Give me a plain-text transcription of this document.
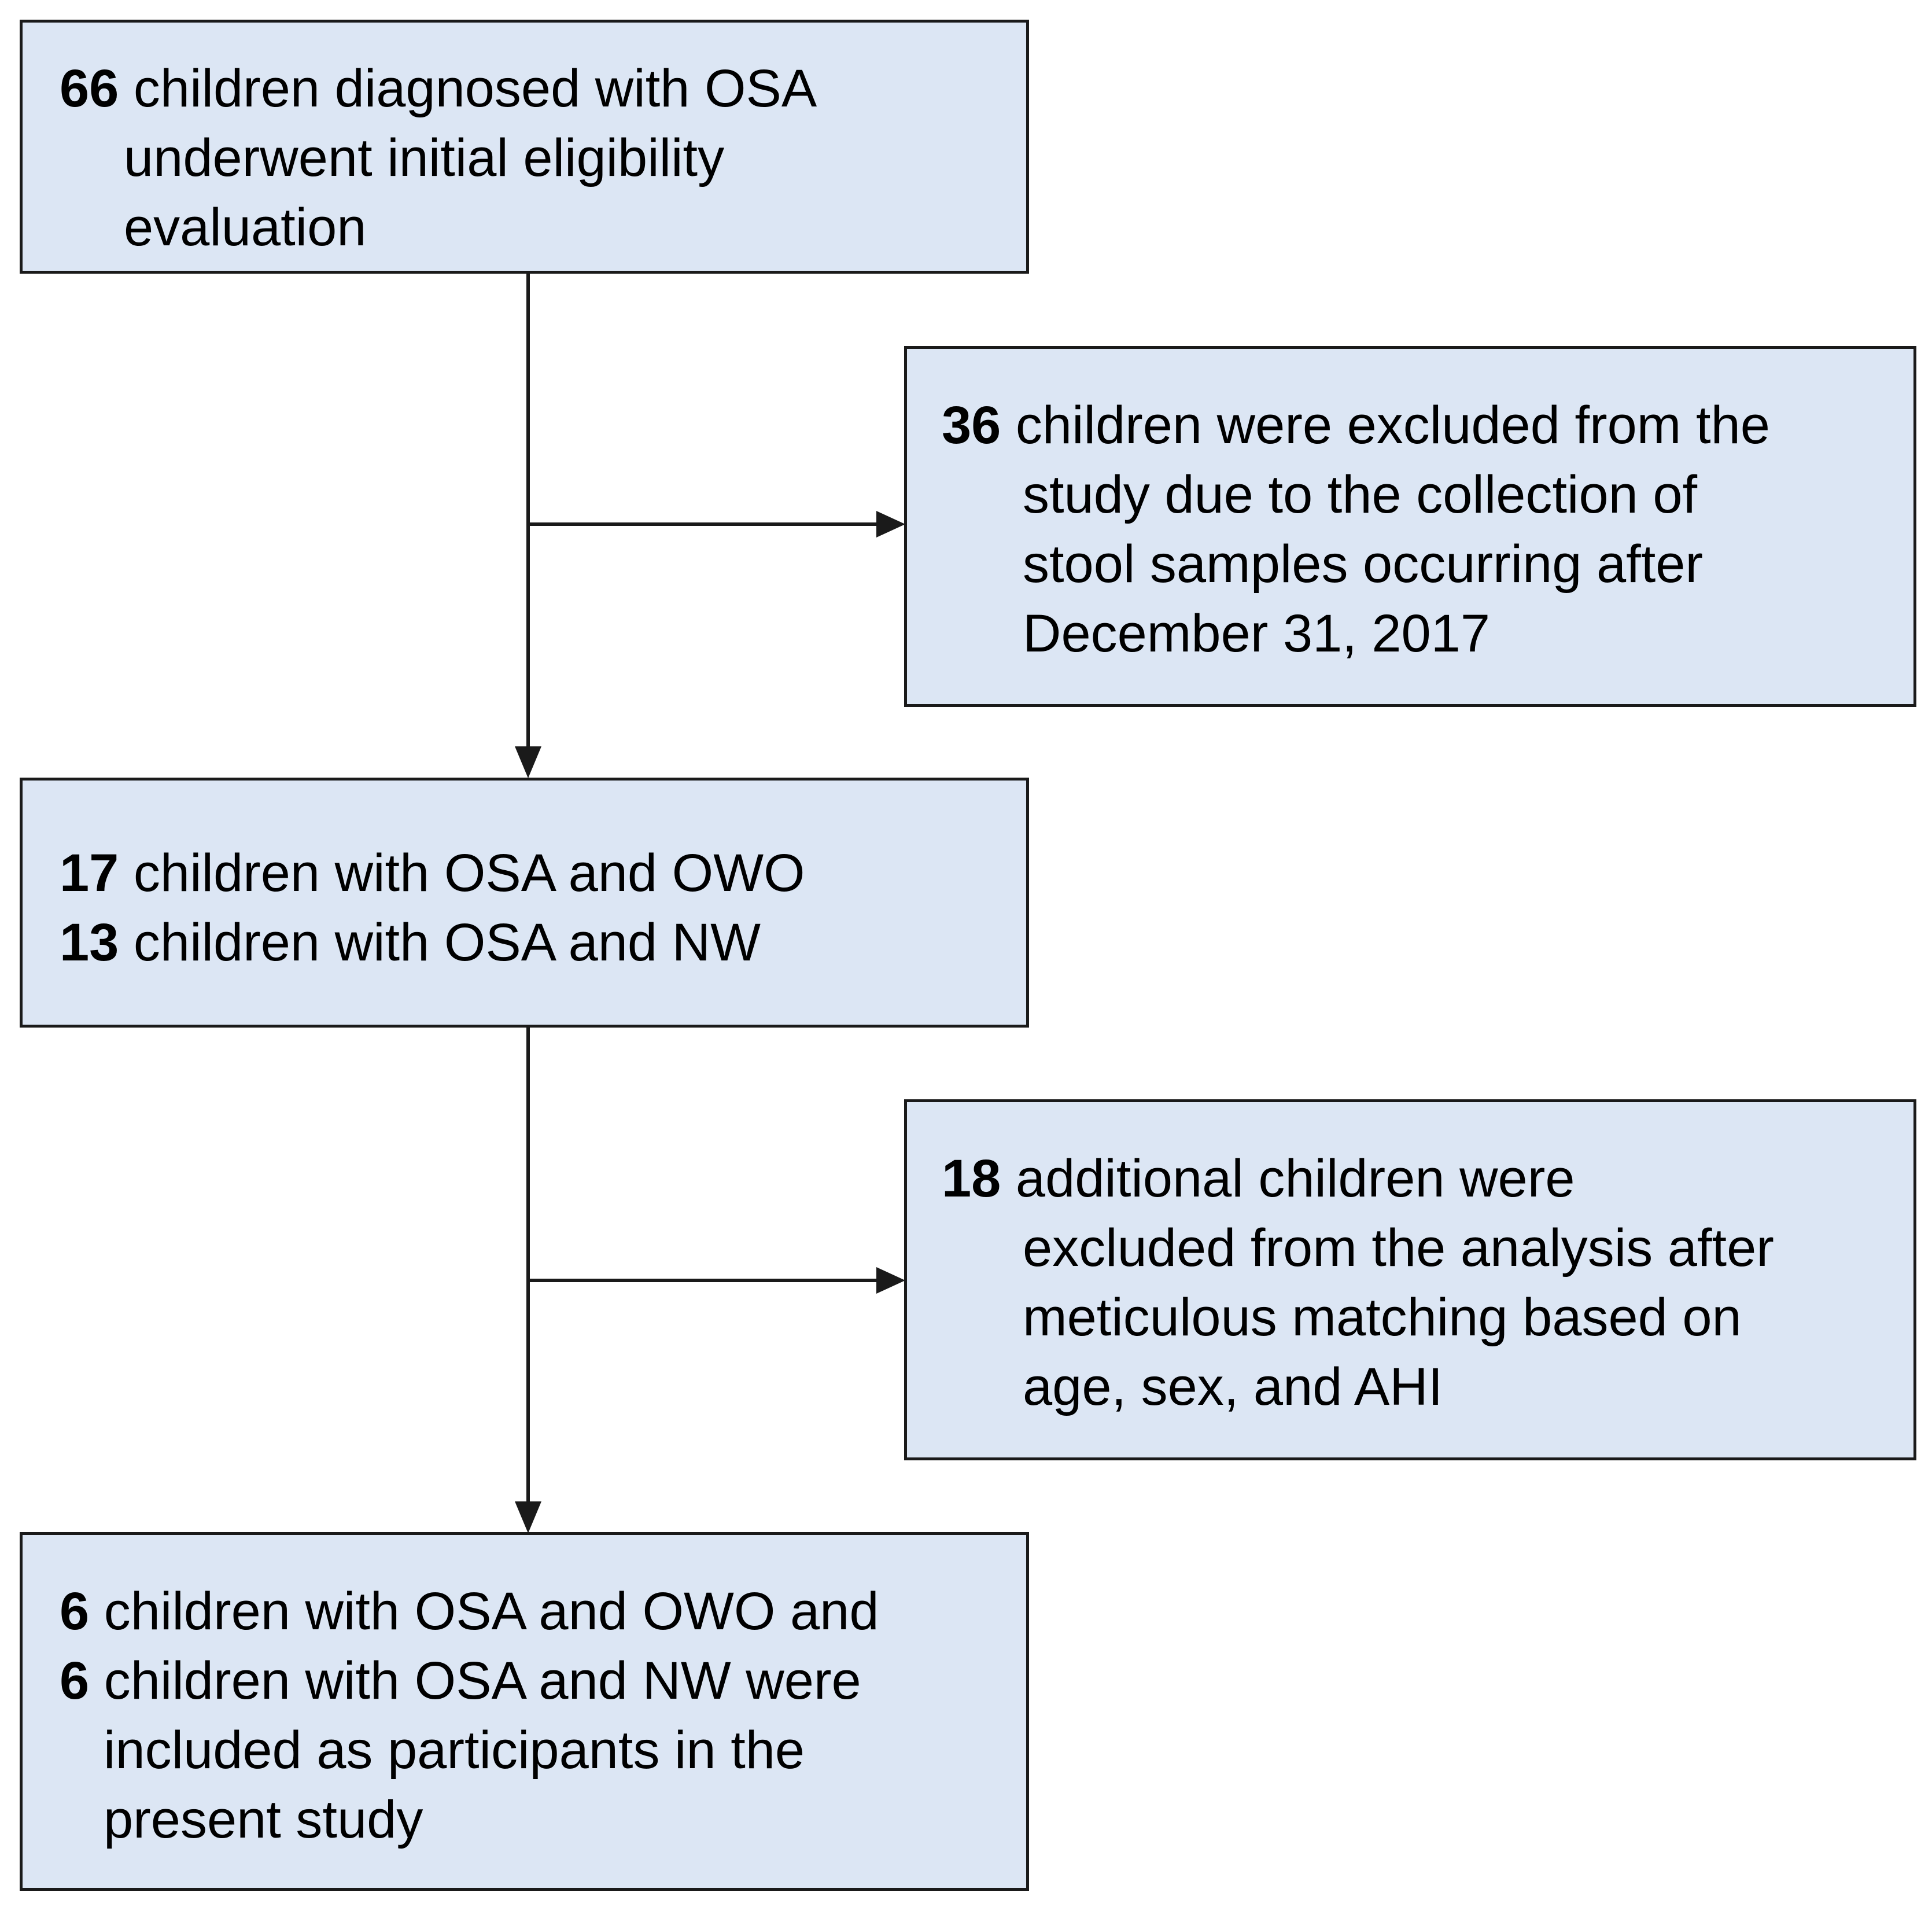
66 children diagnosed with OSA
underwent initial eligibility
evaluation
36 children were excluded from the
study due to the collection of
stool samples occurring after
December 31, 2017
17 children with OSA and OWO
13 children with OSA and NW
18 additional children were
excluded from the analysis after
meticulous matching based on
age, sex, and AHI
6 children with OSA and OWO and
6 children with OSA and NW were
included as participants in the
present study
